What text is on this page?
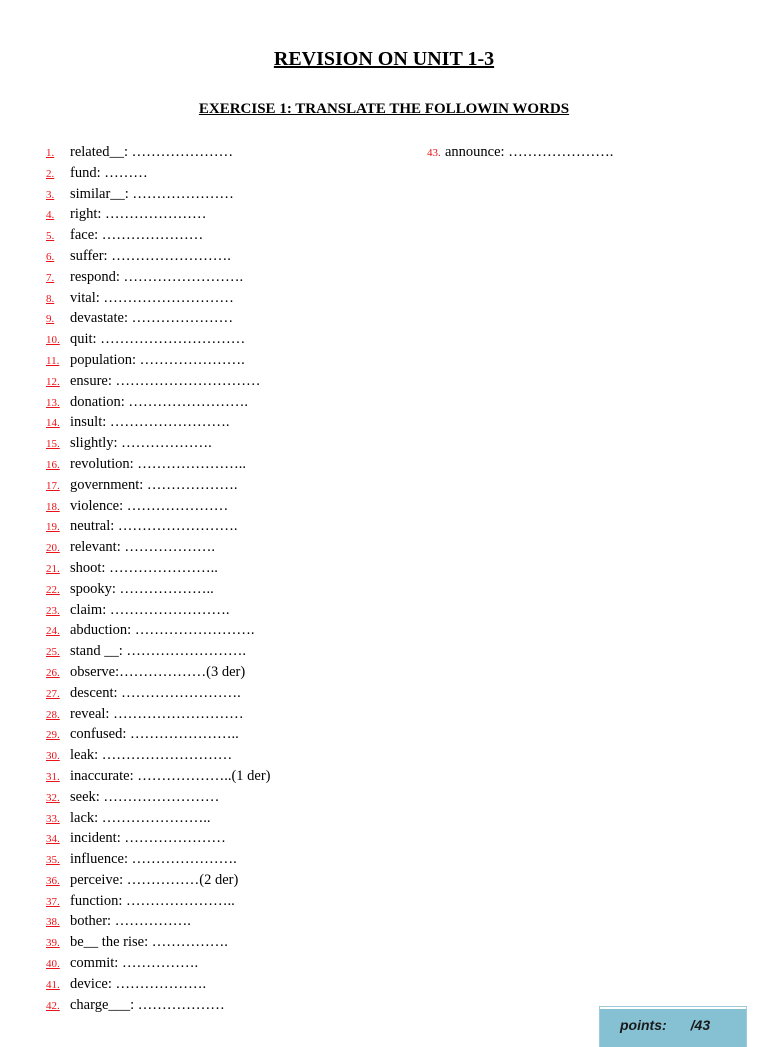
REVISION ON UNIT 1-3
EXERCISE 1: TRANSLATE THE FOLLOWIN WORDS
1. related__: …………………
2. fund: ………
3. similar__: …………………
4. right: …………………
5. face: …………………
6. suffer: …………………….
7. respond: …………………….
8. vital: ………………………
9. devastate: …………………
10. quit: …………………………
11. population: ………………….
12. ensure: …………………………
13. donation: …………………….
14. insult: …………………….
15. slightly: ……………….
16. revolution: …………………..
17. government: ……………….
18. violence: …………………
19. neutral: …………………….
20. relevant: ……………….
21. shoot: …………………..
22. spooky: ………………..
23. claim: …………………….
24. abduction: …………………….
25. stand __: …………………….
26. observe:………………(3 der)
27. descent: …………………….
28. reveal: ………………………
29. confused: …………………..
30. leak: ………………………
31. inaccurate: ………………..(1 der)
32. seek: ……………………
33. lack: …………………..
34. incident: …………………
35. influence: ………………….
36. perceive: ……………(2 der)
37. function: …………………..
38. bother: …………….
39. be__ the rise: …………….
40. commit: …………….
41. device: ……………….
42. charge___: ………………
43. announce: ………………….
points: /43
